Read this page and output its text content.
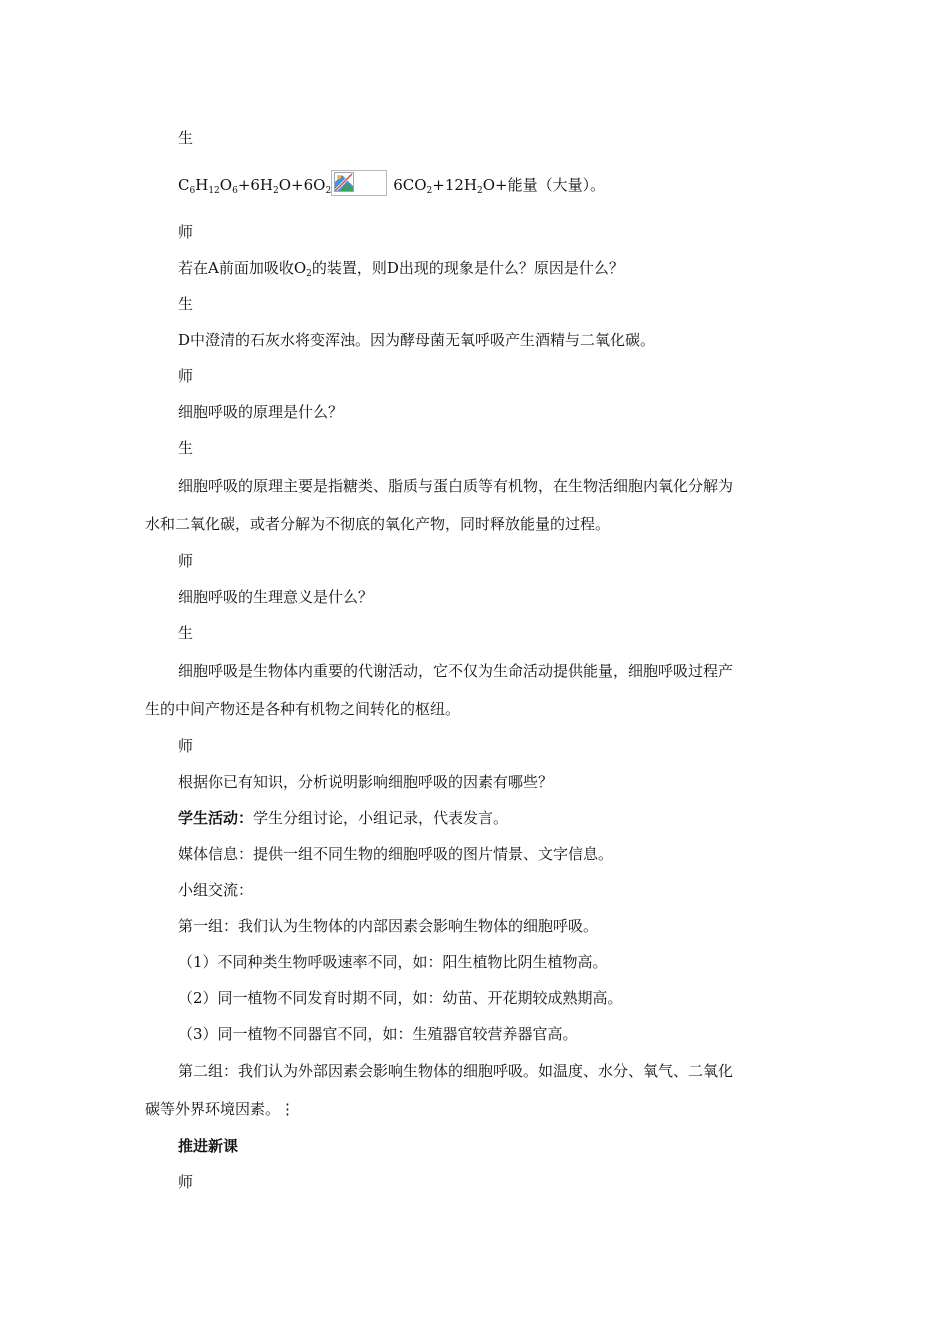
生
$C_6H_{12}O_6+6H_2O+6O_2$	$6CO_2+12H_2O+$能量（大量）。
师
若在A前面加吸收$O_2$的装置，则D出现的现象是什么？原因是什么？
生
D中澄清的石灰水将变浑浊。因为酵母菌无氧呼吸产生酒精与二氧化碳。
师
细胞呼吸的原理是什么？
生
细胞呼吸的原理主要是指糖类、脂质与蛋白质等有机物，在生物活细胞内氧化分解为
水和二氧化碳，或者分解为不彻底的氧化产物，同时释放能量的过程。
师
细胞呼吸的生理意义是什么？
生
细胞呼吸是生物体内重要的代谢活动，它不仅为生命活动提供能量，细胞呼吸过程产
生的中间产物还是各种有机物之间转化的枢纽。
师
根据你已有知识，分析说明影响细胞呼吸的因素有哪些？
学生活动：学生分组讨论，小组记录，代表发言。
媒体信息：提供一组不同生物的细胞呼吸的图片情景、文字信息。
小组交流：
第一组：我们认为生物体的内部因素会影响生物体的细胞呼吸。
（1）不同种类生物呼吸速率不同，如：阳生植物比阴生植物高。
（2）同一植物不同发育时期不同，如：幼苗、开花期较成熟期高。
（3）同一植物不同器官不同，如：生殖器官较营养器官高。
第二组：我们认为外部因素会影响生物体的细胞呼吸。如温度、水分、氧气、二氧化
碳等外界环境因素。⋮
推进新课
师
